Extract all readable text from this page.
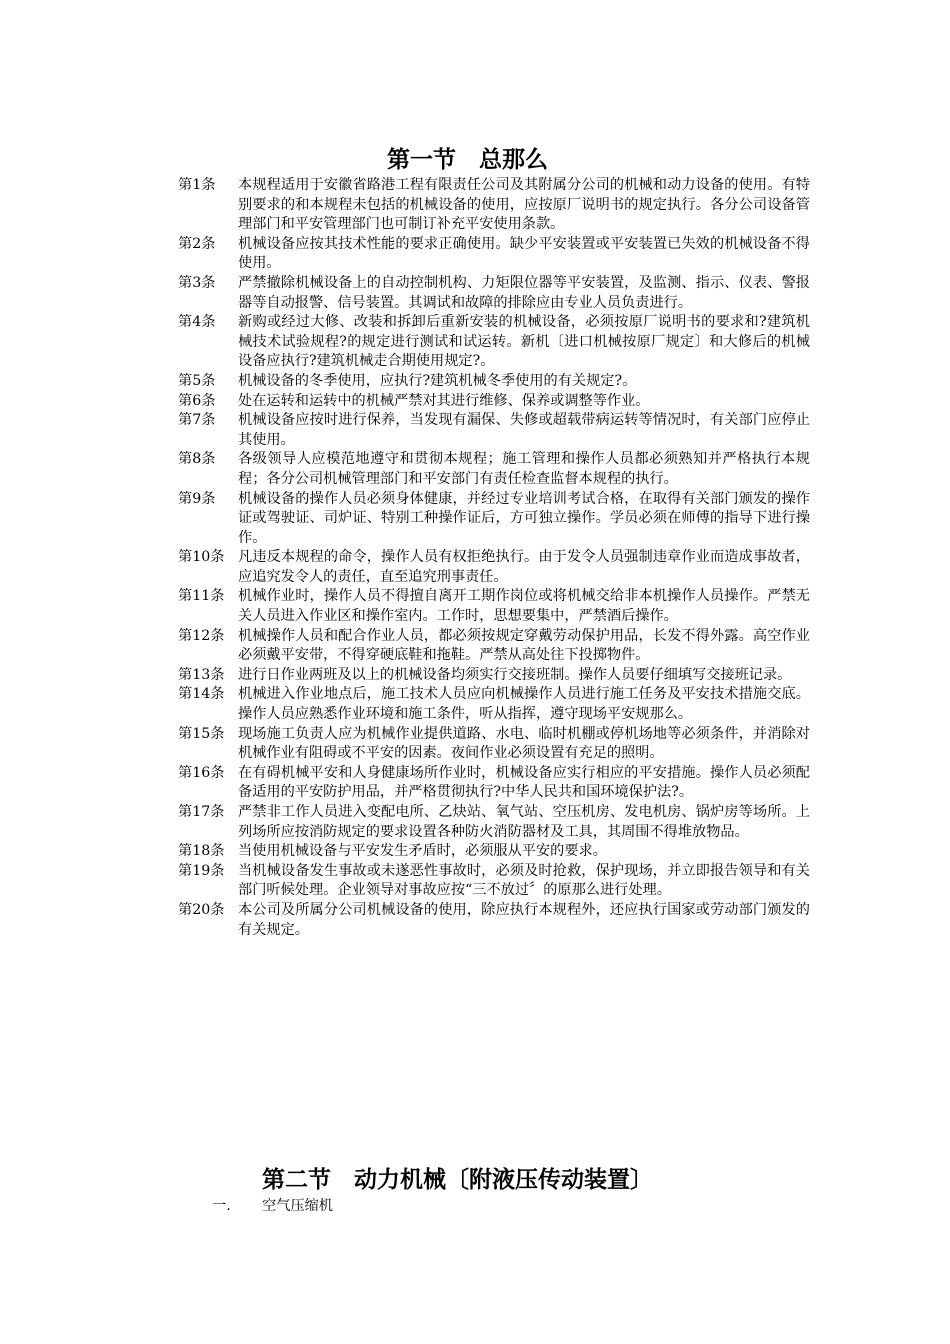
第一节　总那么
第1条	本规程适用于安徽省路港工程有限责任公司及其附属分公司的机械和动力设备的使用。有特别要求的和本规程未包括的机械设备的使用，应按原厂说明书的规定执行。各分公司设备管理部门和平安管理部门也可制订补充平安使用条款。
第2条	机械设备应按其技术性能的要求正确使用。缺少平安装置或平安装置已失效的机械设备不得使用。
第3条	严禁撤除机械设备上的自动控制机构、力矩限位器等平安装置，及监测、指示、仪表、警报器等自动报警、信号装置。其调试和故障的排除应由专业人员负责进行。
第4条	新购或经过大修、改装和拆卸后重新安装的机械设备，必须按原厂说明书的要求和?建筑机械技术试验规程?的规定进行测试和试运转。新机〔进口机械按原厂规定〕和大修后的机械设备应执行?建筑机械走合期使用规定?。
第5条	机械设备的冬季使用，应执行?建筑机械冬季使用的有关规定?。
第6条	处在运转和运转中的机械严禁对其进行维修、保养或调整等作业。
第7条	机械设备应按时进行保养，当发现有漏保、失修或超载带病运转等情况时，有关部门应停止其使用。
第8条	各级领导人应模范地遵守和贯彻本规程；施工管理和操作人员都必须熟知并严格执行本规程；各分公司机械管理部门和平安部门有责任检查监督本规程的执行。
第9条	机械设备的操作人员必须身体健康，并经过专业培训考试合格，在取得有关部门颁发的操作证或驾驶证、司炉证、特别工种操作证后，方可独立操作。学员必须在师傅的指导下进行操作。
第10条 凡违反本规程的命令，操作人员有权拒绝执行。由于发令人员强制违章作业而造成事故者，应追究发令人的责任，直至追究刑事责任。
第11条 机械作业时，操作人员不得擅自离开工期作岗位或将机械交给非本机操作人员操作。严禁无关人员进入作业区和操作室内。工作时，思想要集中，严禁酒后操作。
第12条 机械操作人员和配合作业人员，都必须按规定穿戴劳动保护用品，长发不得外露。高空作业必须戴平安带，不得穿硬底鞋和拖鞋。严禁从高处往下投掷物件。
第13条 进行日作业两班及以上的机械设备均须实行交接班制。操作人员要仔细填写交接班记录。
第14条 机械进入作业地点后，施工技术人员应向机械操作人员进行施工任务及平安技术措施交底。操作人员应熟悉作业环境和施工条件，听从指挥，遵守现场平安规那么。
第15条 现场施工负责人应为机械作业提供道路、水电、临时机棚或停机场地等必须条件，并消除对机械作业有阻碍或不平安的因素。夜间作业必须设置有充足的照明。
第16条 在有碍机械平安和人身健康场所作业时，机械设备应实行相应的平安措施。操作人员必须配备适用的平安防护用品，并严格贯彻执行?中华人民共和国环境保护法?。
第17条 严禁非工作人员进入变配电所、乙炔站、氧气站、空压机房、发电机房、锅炉房等场所。上列场所应按消防规定的要求设置各种防火消防器材及工具，其周围不得堆放物品。
第18条 当使用机械设备与平安发生矛盾时，必须服从平安的要求。
第19条 当机械设备发生事故或未遂恶性事故时，必须及时抢救，保护现场，并立即报告领导和有关部门听候处理。企业领导对事故应按“三不放过〞的原那么进行处理。
第20条 本公司及所属分公司机械设备的使用，除应执行本规程外，还应执行国家或劳动部门颁发的有关规定。
第二节　动力机械〔附液压传动装置〕
一.	空气压缩机
